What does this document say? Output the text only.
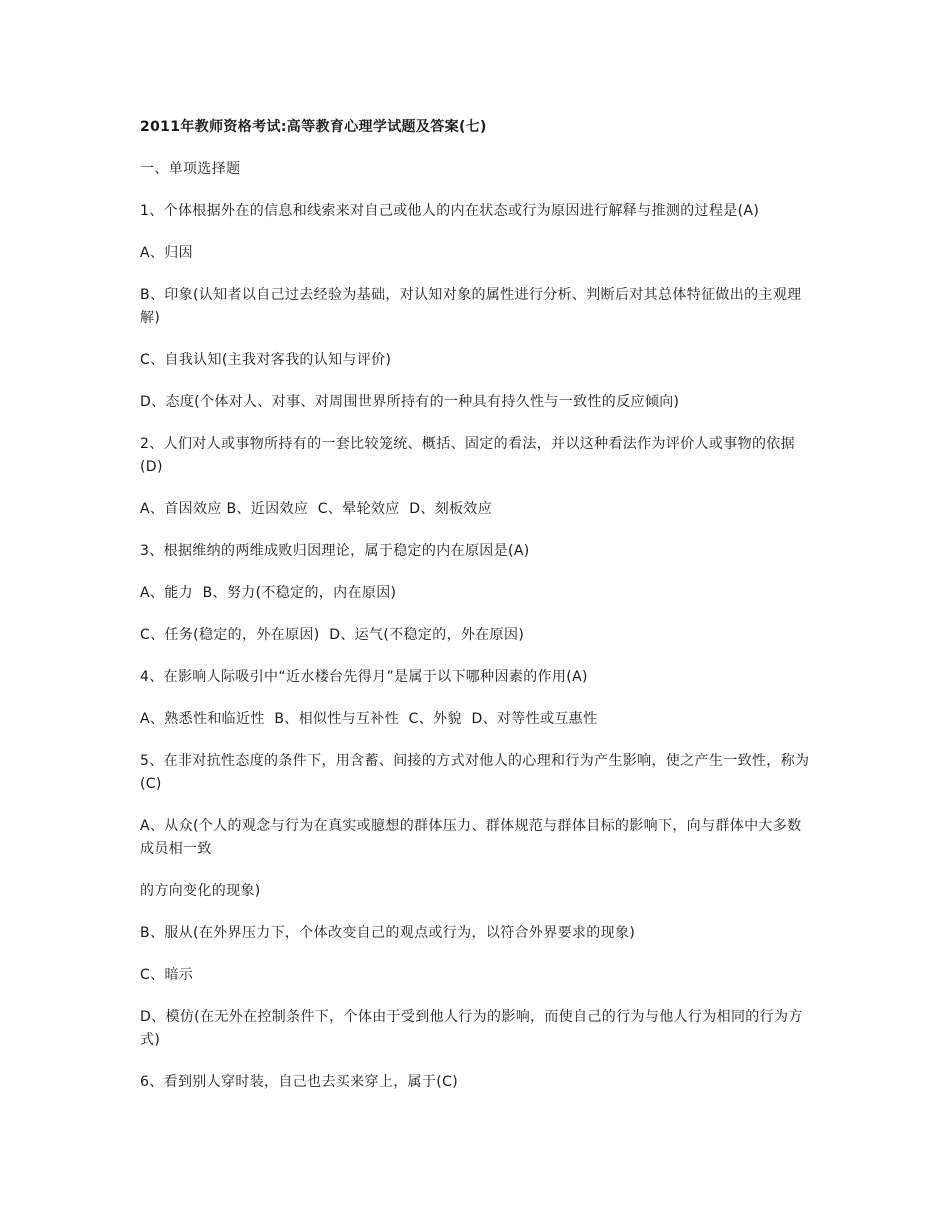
2011年教师资格考试:高等教育心理学试题及答案(七)
一、单项选择题
1、个体根据外在的信息和线索来对自己或他人的内在状态或行为原因进行解释与推测的过程是(A)
A、归因
B、印象(认知者以自己过去经验为基础，对认知对象的属性进行分析、判断后对其总体特征做出的主观理解)
C、自我认知(主我对客我的认知与评价)
D、态度(个体对人、对事、对周围世界所持有的一种具有持久性与一致性的反应倾向)
2、人们对人或事物所持有的一套比较笼统、概括、固定的看法，并以这种看法作为评价人或事物的依据(D)
A、首因效应 B、近因效应  C、晕轮效应  D、刻板效应
3、根据维纳的两维成败归因理论，属于稳定的内在原因是(A)
A、能力  B、努力(不稳定的，内在原因)
C、任务(稳定的，外在原因)  D、运气(不稳定的，外在原因)
4、在影响人际吸引中“近水楼台先得月”是属于以下哪种因素的作用(A)
A、熟悉性和临近性  B、相似性与互补性  C、外貌  D、对等性或互惠性
5、在非对抗性态度的条件下，用含蓄、间接的方式对他人的心理和行为产生影响，使之产生一致性，称为(C)
A、从众(个人的观念与行为在真实或臆想的群体压力、群体规范与群体目标的影响下，向与群体中大多数成员相一致
的方向变化的现象)
B、服从(在外界压力下，个体改变自己的观点或行为，以符合外界要求的现象)
C、暗示
D、模仿(在无外在控制条件下，个体由于受到他人行为的影响，而使自己的行为与他人行为相同的行为方式)
6、看到别人穿时装，自己也去买来穿上，属于(C)
